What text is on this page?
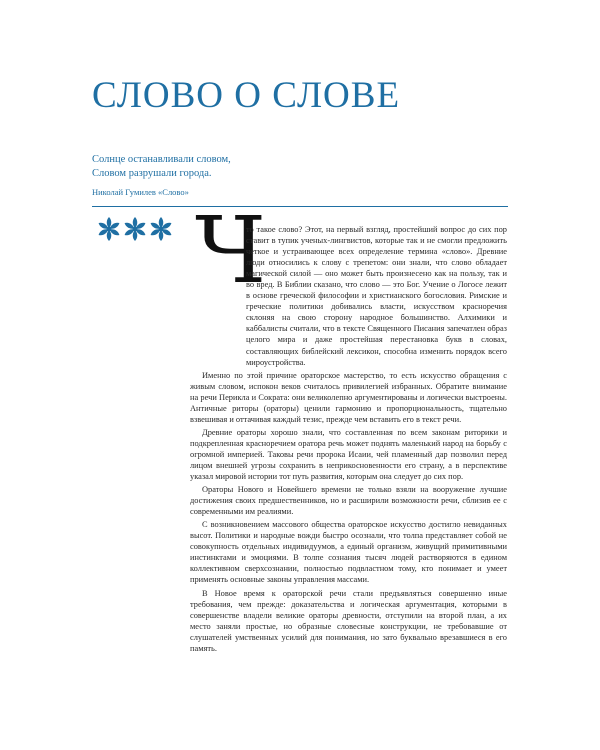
СЛОВО О СЛОВЕ
Солнце останавливали словом,
Словом разрушали города.
Николай Гумилев «Слово»
Ч

то такое слово? Этот, на первый взгляд, простейший вопрос до сих пор ставит в тупик ученых-лингвистов, которые так и не смогли предложить четкое и устраивающее всех определение термина «слово». Древние люди относились к слову с трепетом: они знали, что слово обладает магической силой — оно может быть произнесено как на пользу, так и во вред. В Библии сказано, что слово — это Бог. Учение о Логосе лежит в основе греческой философии и христианского богословия. Римские и греческие политики добивались власти, искусством красноречия склоняя на свою сторону народное большинство. Алхимики и каббалисты считали, что в тексте Священного Писания запечатлен образ целого мира и даже простейшая перестановка букв в словах, составляющих библейский лексикон, способна изменить порядок всего мироустройства.

Именно по этой причине ораторское мастерство, то есть искусство обращения с живым словом, испокон веков считалось привилегией избранных. Обратите внимание на речи Перикла и Сократа: они великолепно аргументированы и логически выстроены. Античные риторы (ораторы) ценили гармонию и пропорциональность, тщательно взвешивая и оттачивая каждый тезис, прежде чем вставить его в текст речи.

Древние ораторы хорошо знали, что составленная по всем законам риторики и подкрепленная красноречием оратора речь может поднять маленький народ на борьбу с огромной империей. Таковы речи пророка Исаии, чей пламенный дар позволил перед лицом внешней угрозы сохранить в неприкосновенности его страну, а в перспективе указал мировой истории тот путь развития, которым она следует до сих пор.

Ораторы Нового и Новейшего времени не только взяли на вооружение лучшие достижения своих предшественников, но и расширили возможности речи, сблизив ее с современными им реалиями.

С возникновением массового общества ораторское искусство достигло невиданных высот. Политики и народные вожди быстро осознали, что толпа представляет собой не совокупность отдельных индивидуумов, а единый организм, живущий примитивными инстинктами и эмоциями. В толпе сознания тысяч людей растворяются в едином коллективном сверхсознании, полностью подвластном тому, кто понимает и умеет применять основные законы управления массами.

В Новое время к ораторской речи стали предъявляться совершенно иные требования, чем прежде: доказательства и логическая аргументация, которыми в совершенстве владели великие ораторы древности, отступили на второй план, а их место заняли простые, но образные словесные конструкции, не требовавшие от слушателей умственных усилий для понимания, но зато буквально врезавшиеся в его память.
